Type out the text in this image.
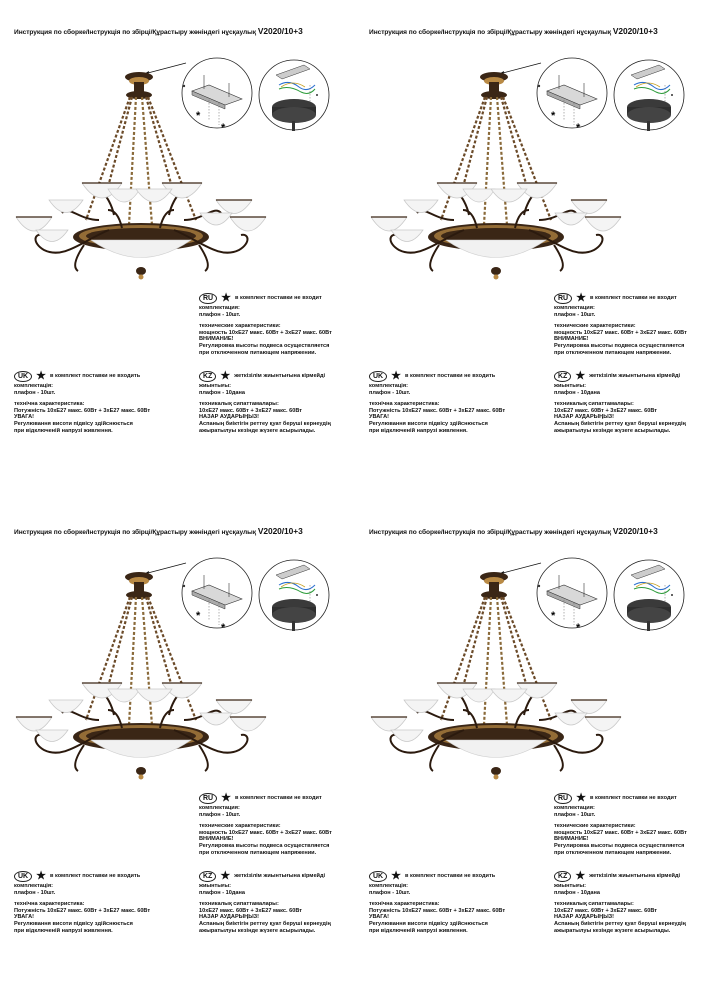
Инструкция по сборке/Інструкція по збірці/Құрастыру жөніндегі нұсқаулық V2020/10+3
*
*
RU ★ в комплект поставки не входит
комплектация:
плафон - 10шт.
технические характеристики:
мощность 10хЕ27 макс. 60Вт + 3хЕ27 макс. 60Вт
ВНИМАНИЕ!
Регулировка высоты подвеса осуществляется
при отключенном питающем напряжении.
KZ ★ жеткізілім жиынтығына кірмейді
жиынтығы:
плафон - 10дана
техникалық сипаттамалары:
10хЕ27 макс. 60Вт + 3хЕ27 макс. 60Вт
НАЗАР АУДАРЫҢЫЗ!
Аспаның биіктігін реттеу қуат беруші кернеудің
ажыратылуы кезінде жүзеге асырылады.
UK ★ в комплект поставки не входить
комплектація:
плафон - 10шт.
технічна характеристика:
Потужність 10хЕ27 макс. 60Вт + 3хЕ27 макс. 60Вт
УВАГА!
Регулювання висоти підвісу здійснюється
при відключеній напрузі живлення.
Инструкция по сборке/Інструкція по збірці/Құрастыру жөніндегі нұсқаулық V2020/10+3
*
*
RU ★ в комплект поставки не входит
комплектация:
плафон - 10шт.
технические характеристики:
мощность 10хЕ27 макс. 60Вт + 3хЕ27 макс. 60Вт
ВНИМАНИЕ!
Регулировка высоты подвеса осуществляется
при отключенном питающем напряжении.
KZ ★ жеткізілім жиынтығына кірмейді
жиынтығы:
плафон - 10дана
техникалық сипаттамалары:
10хЕ27 макс. 60Вт + 3хЕ27 макс. 60Вт
НАЗАР АУДАРЫҢЫЗ!
Аспаның биіктігін реттеу қуат беруші кернеудің
ажыратылуы кезінде жүзеге асырылады.
UK ★ в комплект поставки не входить
комплектація:
плафон - 10шт.
технічна характеристика:
Потужність 10хЕ27 макс. 60Вт + 3хЕ27 макс. 60Вт
УВАГА!
Регулювання висоти підвісу здійснюється
при відключеній напрузі живлення.
Инструкция по сборке/Інструкція по збірці/Құрастыру жөніндегі нұсқаулық V2020/10+3
*
*
RU ★ в комплект поставки не входит
комплектация:
плафон - 10шт.
технические характеристики:
мощность 10хЕ27 макс. 60Вт + 3хЕ27 макс. 60Вт
ВНИМАНИЕ!
Регулировка высоты подвеса осуществляется
при отключенном питающем напряжении.
KZ ★ жеткізілім жиынтығына кірмейді
жиынтығы:
плафон - 10дана
техникалық сипаттамалары:
10хЕ27 макс. 60Вт + 3хЕ27 макс. 60Вт
НАЗАР АУДАРЫҢЫЗ!
Аспаның биіктігін реттеу қуат беруші кернеудің
ажыратылуы кезінде жүзеге асырылады.
UK ★ в комплект поставки не входить
комплектація:
плафон - 10шт.
технічна характеристика:
Потужність 10хЕ27 макс. 60Вт + 3хЕ27 макс. 60Вт
УВАГА!
Регулювання висоти підвісу здійснюється
при відключеній напрузі живлення.
Инструкция по сборке/Інструкція по збірці/Құрастыру жөніндегі нұсқаулық V2020/10+3
*
*
RU ★ в комплект поставки не входит
комплектация:
плафон - 10шт.
технические характеристики:
мощность 10хЕ27 макс. 60Вт + 3хЕ27 макс. 60Вт
ВНИМАНИЕ!
Регулировка высоты подвеса осуществляется
при отключенном питающем напряжении.
KZ ★ жеткізілім жиынтығына кірмейді
жиынтығы:
плафон - 10дана
техникалық сипаттамалары:
10хЕ27 макс. 60Вт + 3хЕ27 макс. 60Вт
НАЗАР АУДАРЫҢЫЗ!
Аспаның биіктігін реттеу қуат беруші кернеудің
ажыратылуы кезінде жүзеге асырылады.
UK ★ в комплект поставки не входить
комплектація:
плафон - 10шт.
технічна характеристика:
Потужність 10хЕ27 макс. 60Вт + 3хЕ27 макс. 60Вт
УВАГА!
Регулювання висоти підвісу здійснюється
при відключеній напрузі живлення.
